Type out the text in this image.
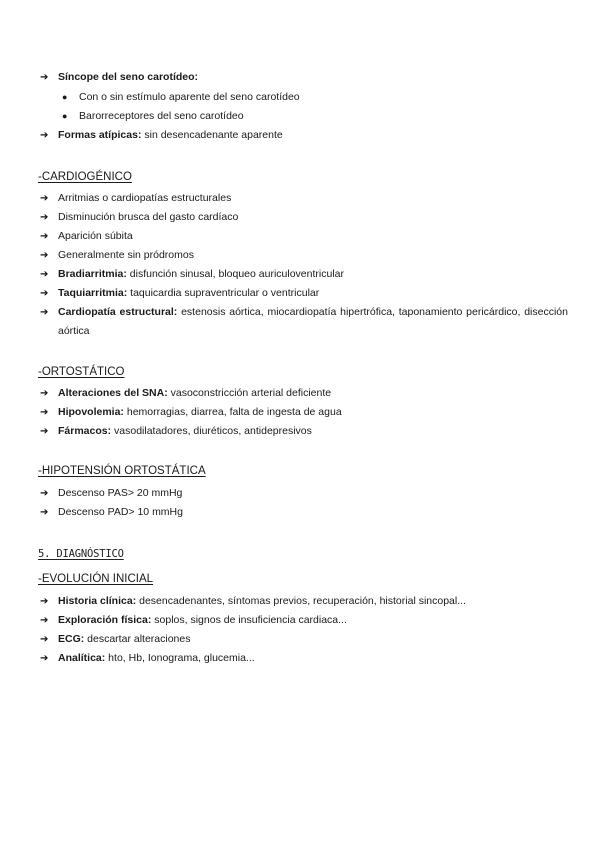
➔ Síncope del seno carotídeo:
● Con o sin estímulo aparente del seno carotídeo
● Barorreceptores del seno carotídeo
➔ Formas atípicas: sin desencadenante aparente
-CARDIOGÉNICO
➔ Arritmias o cardiopatías estructurales
➔ Disminución brusca del gasto cardíaco
➔ Aparición súbita
➔ Generalmente sin pródromos
➔ Bradiarritmia: disfunción sinusal, bloqueo auriculoventricular
➔ Taquiarritmia: taquicardia supraventricular o ventricular
➔ Cardiopatía estructural: estenosis aórtica, miocardiopatía hipertrófica, taponamiento pericárdico, disección aórtica
-ORTOSTÁTICO
➔ Alteraciones del SNA: vasoconstricción arterial deficiente
➔ Hipovolemia: hemorragias, diarrea, falta de ingesta de agua
➔ Fármacos: vasodilatadores, diuréticos, antidepresivos
-HIPOTENSIÓN ORTOSTÁTICA
➔ Descenso PAS> 20 mmHg
➔ Descenso PAD> 10 mmHg
5. DIAGNÓSTICO
-EVOLUCIÓN INICIAL
➔ Historia clínica: desencadenantes, síntomas previos, recuperación, historial sincopal...
➔ Exploración física: soplos, signos de insuficiencia cardiaca...
➔ ECG: descartar alteraciones
➔ Analítica: hto, Hb, Ionograma, glucemia...
